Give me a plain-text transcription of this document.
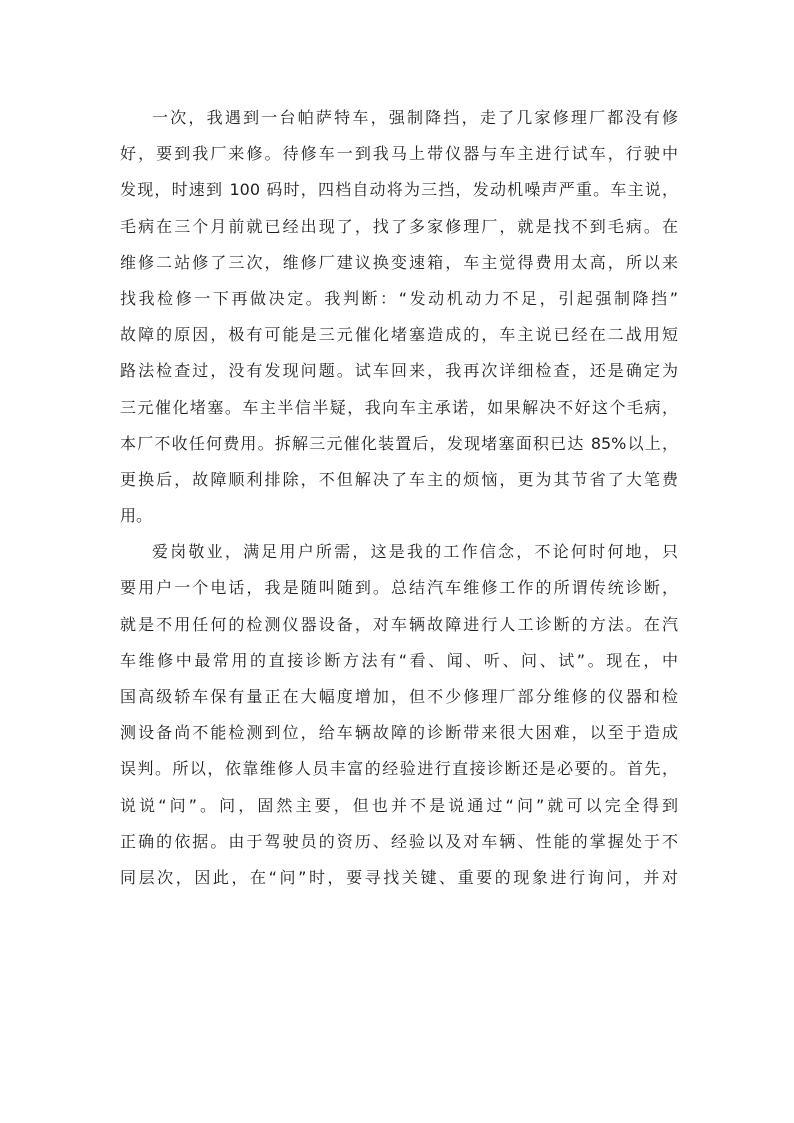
一次，我遇到一台帕萨特车，强制降挡，走了几家修理厂都没有修
好，要到我厂来修。待修车一到我马上带仪器与车主进行试车，行驶中
发现，时速到 100 码时，四档自动将为三挡，发动机噪声严重。车主说，
毛病在三个月前就已经出现了，找了多家修理厂，就是找不到毛病。在
维修二站修了三次，维修厂建议换变速箱，车主觉得费用太高，所以来
找我检修一下再做决定。我判断：“发动机动力不足，引起强制降挡”
故障的原因，极有可能是三元催化堵塞造成的，车主说已经在二战用短
路法检查过，没有发现问题。试车回来，我再次详细检查，还是确定为
三元催化堵塞。车主半信半疑，我向车主承诺，如果解决不好这个毛病，
本厂不收任何费用。拆解三元催化装置后，发现堵塞面积已达 85%以上，
更换后，故障顺利排除，不但解决了车主的烦恼，更为其节省了大笔费
用。
爱岗敬业，满足用户所需，这是我的工作信念，不论何时何地，只
要用户一个电话，我是随叫随到。总结汽车维修工作的所谓传统诊断，
就是不用任何的检测仪器设备，对车辆故障进行人工诊断的方法。在汽
车维修中最常用的直接诊断方法有“看、闻、听、问、试”。现在，中
国高级轿车保有量正在大幅度增加，但不少修理厂部分维修的仪器和检
测设备尚不能检测到位，给车辆故障的诊断带来很大困难，以至于造成
误判。所以，依靠维修人员丰富的经验进行直接诊断还是必要的。首先，
说说“问”。问，固然主要，但也并不是说通过“问”就可以完全得到
正确的依据。由于驾驶员的资历、经验以及对车辆、性能的掌握处于不
同层次，因此，在“问”时，要寻找关键、重要的现象进行询问，并对
